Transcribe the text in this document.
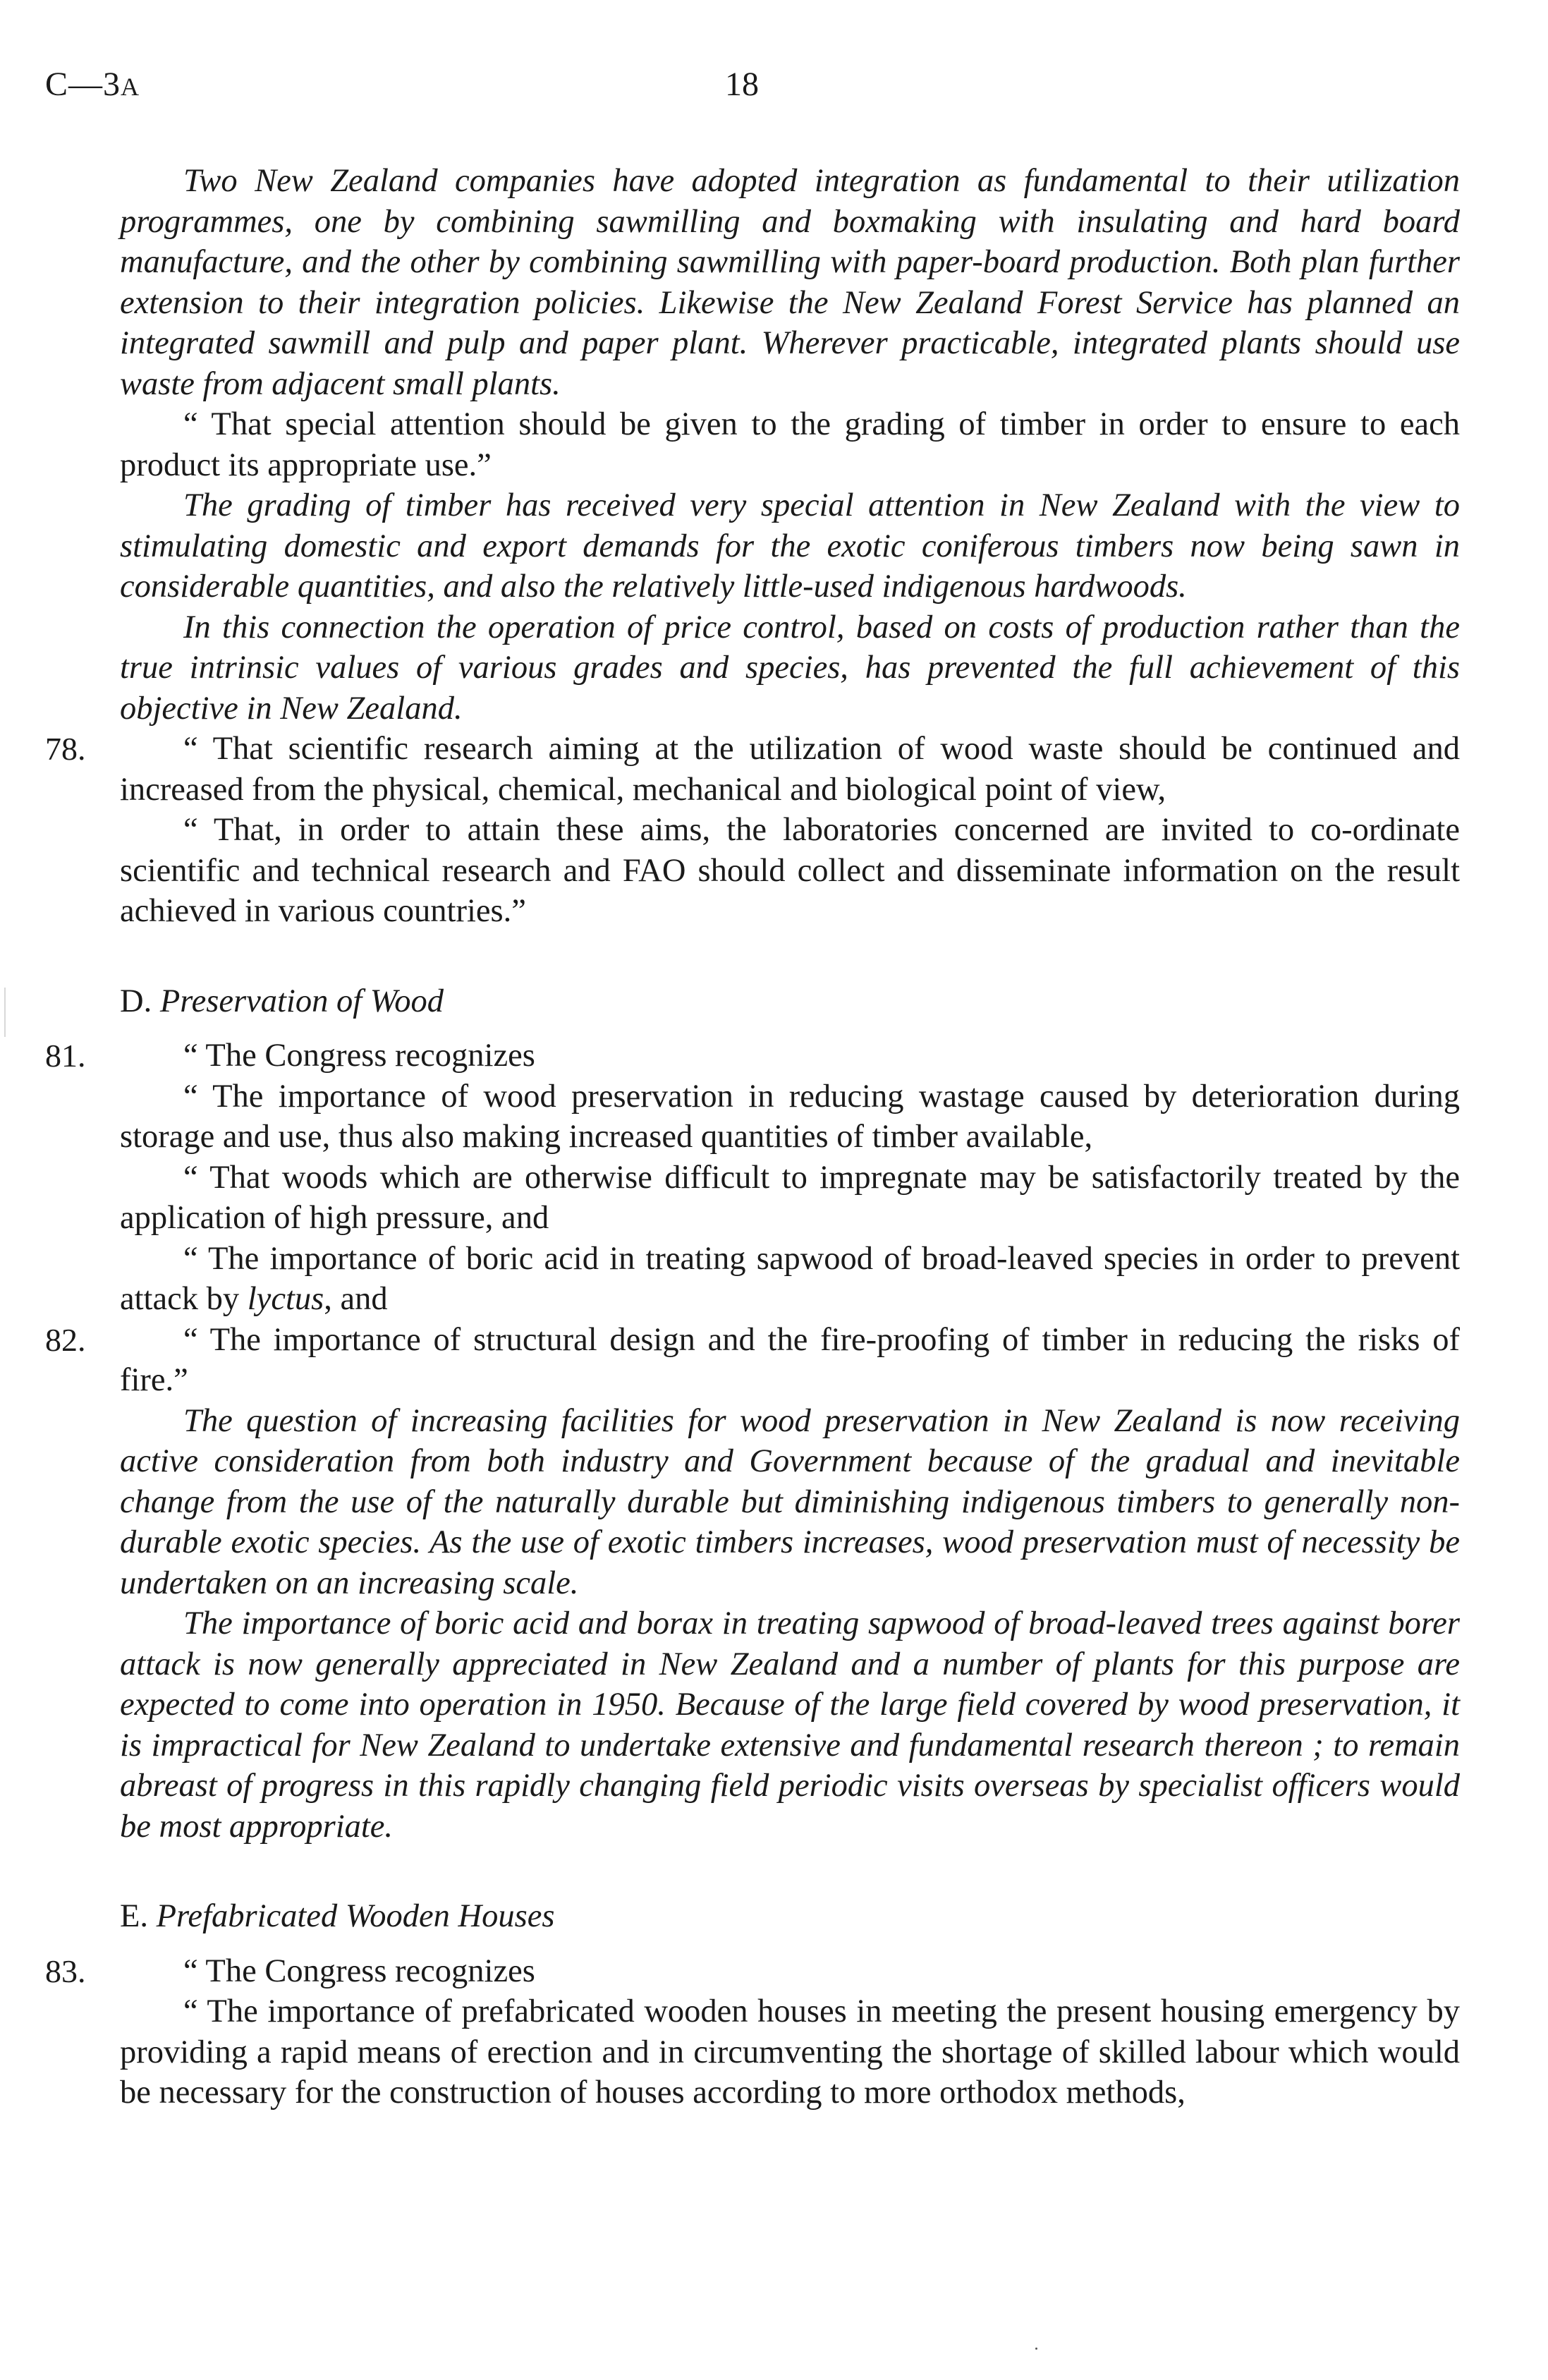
C—3A	18

Two New Zealand companies have adopted integration as fundamental to their utilization programmes, one by combining sawmilling and boxmaking with insulating and hard board manufacture, and the other by combining sawmilling with paper-board production. Both plan further extension to their integration policies. Likewise the New Zealand Forest Service has planned an integrated sawmill and pulp and paper plant. Wherever practicable, integrated plants should use waste from adjacent small plants.

“ That special attention should be given to the grading of timber in order to ensure to each product its appropriate use.”

The grading of timber has received very special attention in New Zealand with the view to stimulating domestic and export demands for the exotic coniferous timbers now being sawn in considerable quantities, and also the relatively little-used indigenous hardwoods.

In this connection the operation of price control, based on costs of production rather than the true intrinsic values of various grades and species, has prevented the full achievement of this objective in New Zealand.

78.	“ That scientific research aiming at the utilization of wood waste should be continued and increased from the physical, chemical, mechanical and biological point of view,

“ That, in order to attain these aims, the laboratories concerned are invited to co-ordinate scientific and technical research and FAO should collect and disseminate information on the result achieved in various countries.”

D. Preservation of Wood
81.	“ The Congress recognizes

“ The importance of wood preservation in reducing wastage caused by deterioration during storage and use, thus also making increased quantities of timber available,

“ That woods which are otherwise difficult to impregnate may be satisfactorily treated by the application of high pressure, and

“ The importance of boric acid in treating sapwood of broad-leaved species in order to prevent attack by lyctus, and

82.	“ The importance of structural design and the fire-proofing of timber in reducing the risks of fire.”

The question of increasing facilities for wood preservation in New Zealand is now receiving active consideration from both industry and Government because of the gradual and inevitable change from the use of the naturally durable but diminishing indigenous timbers to generally non-durable exotic species. As the use of exotic timbers increases, wood preservation must of necessity be undertaken on an increasing scale.

The importance of boric acid and borax in treating sapwood of broad-leaved trees against borer attack is now generally appreciated in New Zealand and a number of plants for this purpose are expected to come into operation in 1950. Because of the large field covered by wood preservation, it is impractical for New Zealand to undertake extensive and fundamental research thereon ; to remain abreast of progress in this rapidly changing field periodic visits overseas by specialist officers would be most appropriate.

E. Prefabricated Wooden Houses
83.	“ The Congress recognizes

“ The importance of prefabricated wooden houses in meeting the present housing emergency by providing a rapid means of erection and in circumventing the shortage of skilled labour which would be necessary for the construction of houses according to more orthodox methods,
